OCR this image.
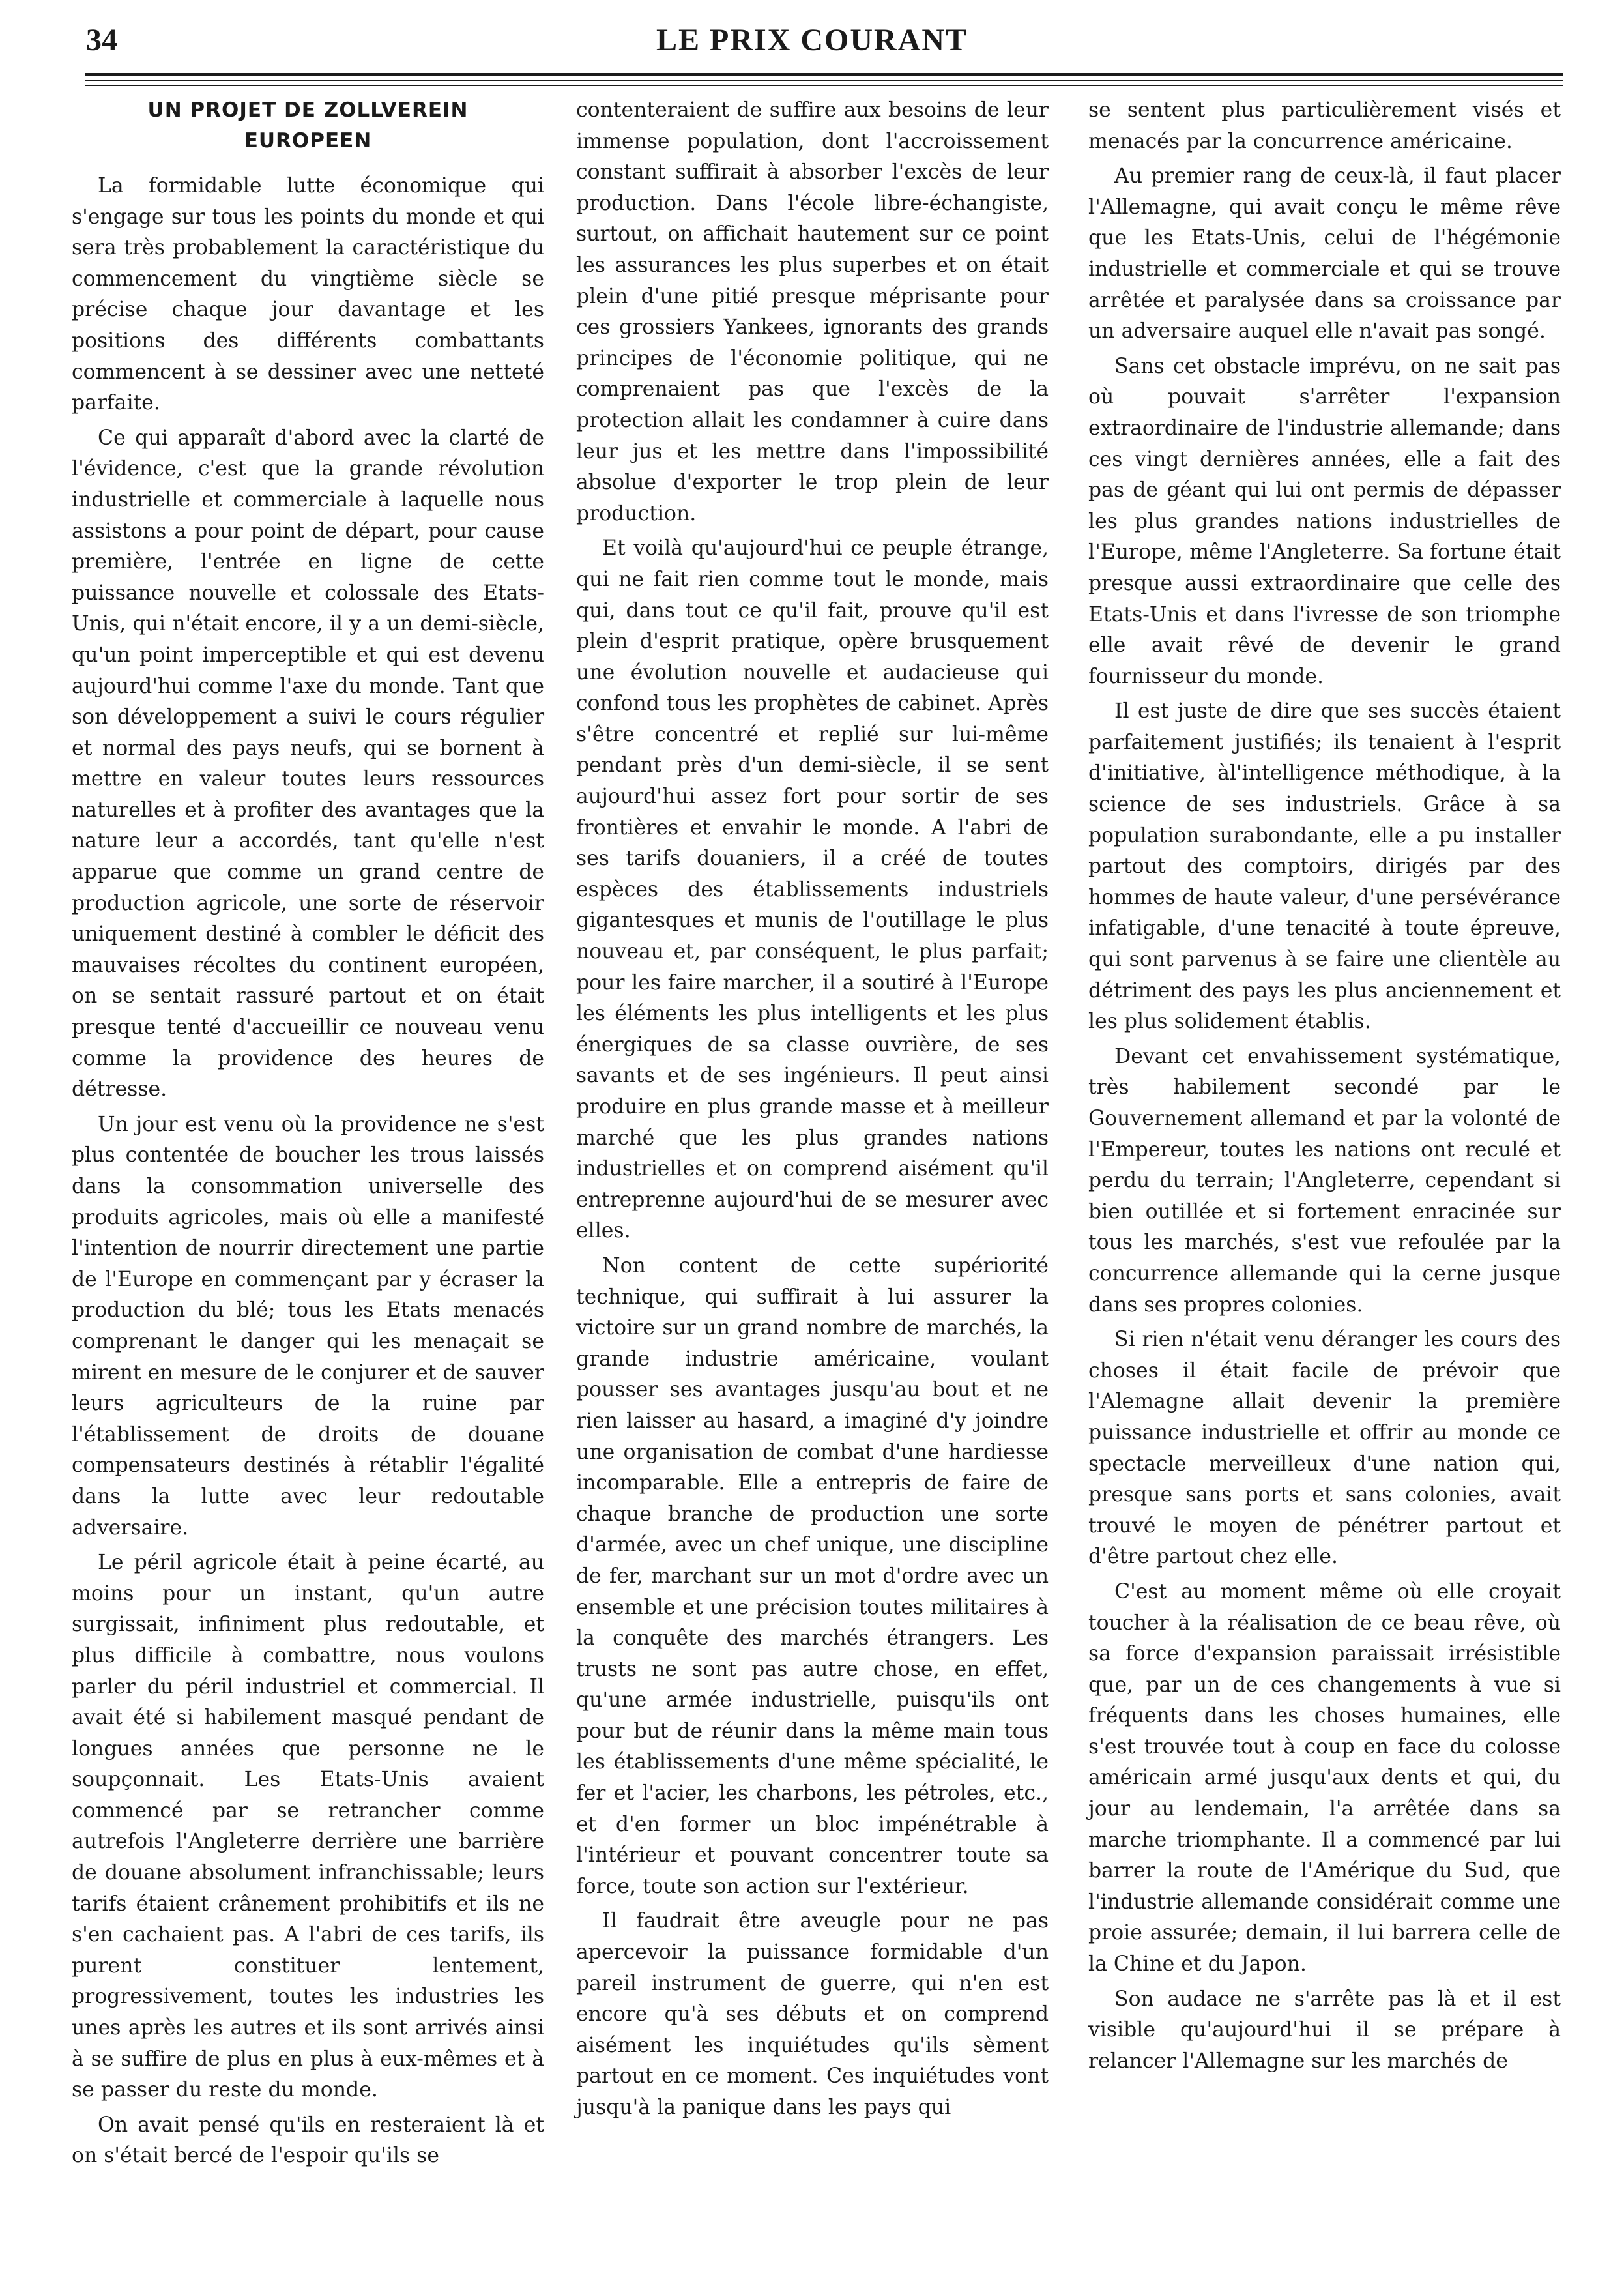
34	LE PRIX COURANT
UN PROJET DE ZOLLVEREIN EUROPEEN

La formidable lutte économique qui s'engage sur tous les points du monde et qui sera très probablement la caractéristique du commencement du vingtième siècle se précise chaque jour davantage et les positions des différents combattants commencent à se dessiner avec une netteté parfaite.

Ce qui apparaît d'abord avec la clarté de l'évidence, c'est que la grande révolution industrielle et commerciale à laquelle nous assistons a pour point de départ, pour cause première, l'entrée en ligne de cette puissance nouvelle et colossale des Etats-Unis, qui n'était encore, il y a un demi-siècle, qu'un point imperceptible et qui est devenu aujourd'hui comme l'axe du monde. Tant que son développement a suivi le cours régulier et normal des pays neufs, qui se bornent à mettre en valeur toutes leurs ressources naturelles et à profiter des avantages que la nature leur a accordés, tant qu'elle n'est apparue que comme un grand centre de production agricole, une sorte de réservoir uniquement destiné à combler le déficit des mauvaises récoltes du continent européen, on se sentait rassuré partout et on était presque tenté d'accueillir ce nouveau venu comme la providence des heures de détresse.

Un jour est venu où la providence ne s'est plus contentée de boucher les trous laissés dans la consommation universelle des produits agricoles, mais où elle a manifesté l'intention de nourrir directement une partie de l'Europe en commençant par y écraser la production du blé; tous les Etats menacés comprenant le danger qui les menaçait se mirent en mesure de le conjurer et de sauver leurs agriculteurs de la ruine par l'établissement de droits de douane compensateurs destinés à rétablir l'égalité dans la lutte avec leur redoutable adversaire.

Le péril agricole était à peine écarté, au moins pour un instant, qu'un autre surgissait, infiniment plus redoutable, et plus difficile à combattre, nous voulons parler du péril industriel et commercial. Il avait été si habilement masqué pendant de longues années que personne ne le soupçonnait. Les Etats-Unis avaient commencé par se retrancher comme autrefois l'Angleterre derrière une barrière de douane absolument infranchissable; leurs tarifs étaient crânement prohibitifs et ils ne s'en cachaient pas. A l'abri de ces tarifs, ils purent constituer lentement, progressivement, toutes les industries les unes après les autres et ils sont arrivés ainsi à se suffire de plus en plus à eux-mêmes et à se passer du reste du monde.

On avait pensé qu'ils en resteraient là et on s'était bercé de l'espoir qu'ils se

contenteraient de suffire aux besoins de leur immense population, dont l'accroissement constant suffirait à absorber l'excès de leur production. Dans l'école libre-échangiste, surtout, on affichait hautement sur ce point les assurances les plus superbes et on était plein d'une pitié presque méprisante pour ces grossiers Yankees, ignorants des grands principes de l'économie politique, qui ne comprenaient pas que l'excès de la protection allait les condamner à cuire dans leur jus et les mettre dans l'impossibilité absolue d'exporter le trop plein de leur production.

Et voilà qu'aujourd'hui ce peuple étrange, qui ne fait rien comme tout le monde, mais qui, dans tout ce qu'il fait, prouve qu'il est plein d'esprit pratique, opère brusquement une évolution nouvelle et audacieuse qui confond tous les prophètes de cabinet. Après s'être concentré et replié sur lui-même pendant près d'un demi-siècle, il se sent aujourd'hui assez fort pour sortir de ses frontières et envahir le monde. A l'abri de ses tarifs douaniers, il a créé de toutes espèces des établissements industriels gigantesques et munis de l'outillage le plus nouveau et, par conséquent, le plus parfait; pour les faire marcher, il a soutiré à l'Europe les éléments les plus intelligents et les plus énergiques de sa classe ouvrière, de ses savants et de ses ingénieurs. Il peut ainsi produire en plus grande masse et à meilleur marché que les plus grandes nations industrielles et on comprend aisément qu'il entreprenne aujourd'hui de se mesurer avec elles.

Non content de cette supériorité technique, qui suffirait à lui assurer la victoire sur un grand nombre de marchés, la grande industrie américaine, voulant pousser ses avantages jusqu'au bout et ne rien laisser au hasard, a imaginé d'y joindre une organisation de combat d'une hardiesse incomparable. Elle a entrepris de faire de chaque branche de production une sorte d'armée, avec un chef unique, une discipline de fer, marchant sur un mot d'ordre avec un ensemble et une précision toutes militaires à la conquête des marchés étrangers. Les trusts ne sont pas autre chose, en effet, qu'une armée industrielle, puisqu'ils ont pour but de réunir dans la même main tous les établissements d'une même spécialité, le fer et l'acier, les charbons, les pétroles, etc., et d'en former un bloc impénétrable à l'intérieur et pouvant concentrer toute sa force, toute son action sur l'extérieur.

Il faudrait être aveugle pour ne pas apercevoir la puissance formidable d'un pareil instrument de guerre, qui n'en est encore qu'à ses débuts et on comprend aisément les inquiétudes qu'ils sèment partout en ce moment. Ces inquiétudes vont jusqu'à la panique dans les pays qui

se sentent plus particulièrement visés et menacés par la concurrence américaine.

Au premier rang de ceux-là, il faut placer l'Allemagne, qui avait conçu le même rêve que les Etats-Unis, celui de l'hégémonie industrielle et commerciale et qui se trouve arrêtée et paralysée dans sa croissance par un adversaire auquel elle n'avait pas songé.

Sans cet obstacle imprévu, on ne sait pas où pouvait s'arrêter l'expansion extraordinaire de l'industrie allemande; dans ces vingt dernières années, elle a fait des pas de géant qui lui ont permis de dépasser les plus grandes nations industrielles de l'Europe, même l'Angleterre. Sa fortune était presque aussi extraordinaire que celle des Etats-Unis et dans l'ivresse de son triomphe elle avait rêvé de devenir le grand fournisseur du monde.

Il est juste de dire que ses succès étaient parfaitement justifiés; ils tenaient à l'esprit d'initiative, àl'intelligence méthodique, à la science de ses industriels. Grâce à sa population surabondante, elle a pu installer partout des comptoirs, dirigés par des hommes de haute valeur, d'une persévérance infatigable, d'une tenacité à toute épreuve, qui sont parvenus à se faire une clientèle au détriment des pays les plus anciennement et les plus solidement établis.

Devant cet envahissement systématique, très habilement secondé par le Gouvernement allemand et par la volonté de l'Empereur, toutes les nations ont reculé et perdu du terrain; l'Angleterre, cependant si bien outillée et si fortement enracinée sur tous les marchés, s'est vue refoulée par la concurrence allemande qui la cerne jusque dans ses propres colonies.

Si rien n'était venu déranger les cours des choses il était facile de prévoir que l'Alemagne allait devenir la première puissance industrielle et offrir au monde ce spectacle merveilleux d'une nation qui, presque sans ports et sans colonies, avait trouvé le moyen de pénétrer partout et d'être partout chez elle.

C'est au moment même où elle croyait toucher à la réalisation de ce beau rêve, où sa force d'expansion paraissait irrésistible que, par un de ces changements à vue si fréquents dans les choses humaines, elle s'est trouvée tout à coup en face du colosse américain armé jusqu'aux dents et qui, du jour au lendemain, l'a arrêtée dans sa marche triomphante. Il a commencé par lui barrer la route de l'Amérique du Sud, que l'industrie allemande considérait comme une proie assurée; demain, il lui barrera celle de la Chine et du Japon.

Son audace ne s'arrête pas là et il est visible qu'aujourd'hui il se prépare à relancer l'Allemagne sur les marchés de
